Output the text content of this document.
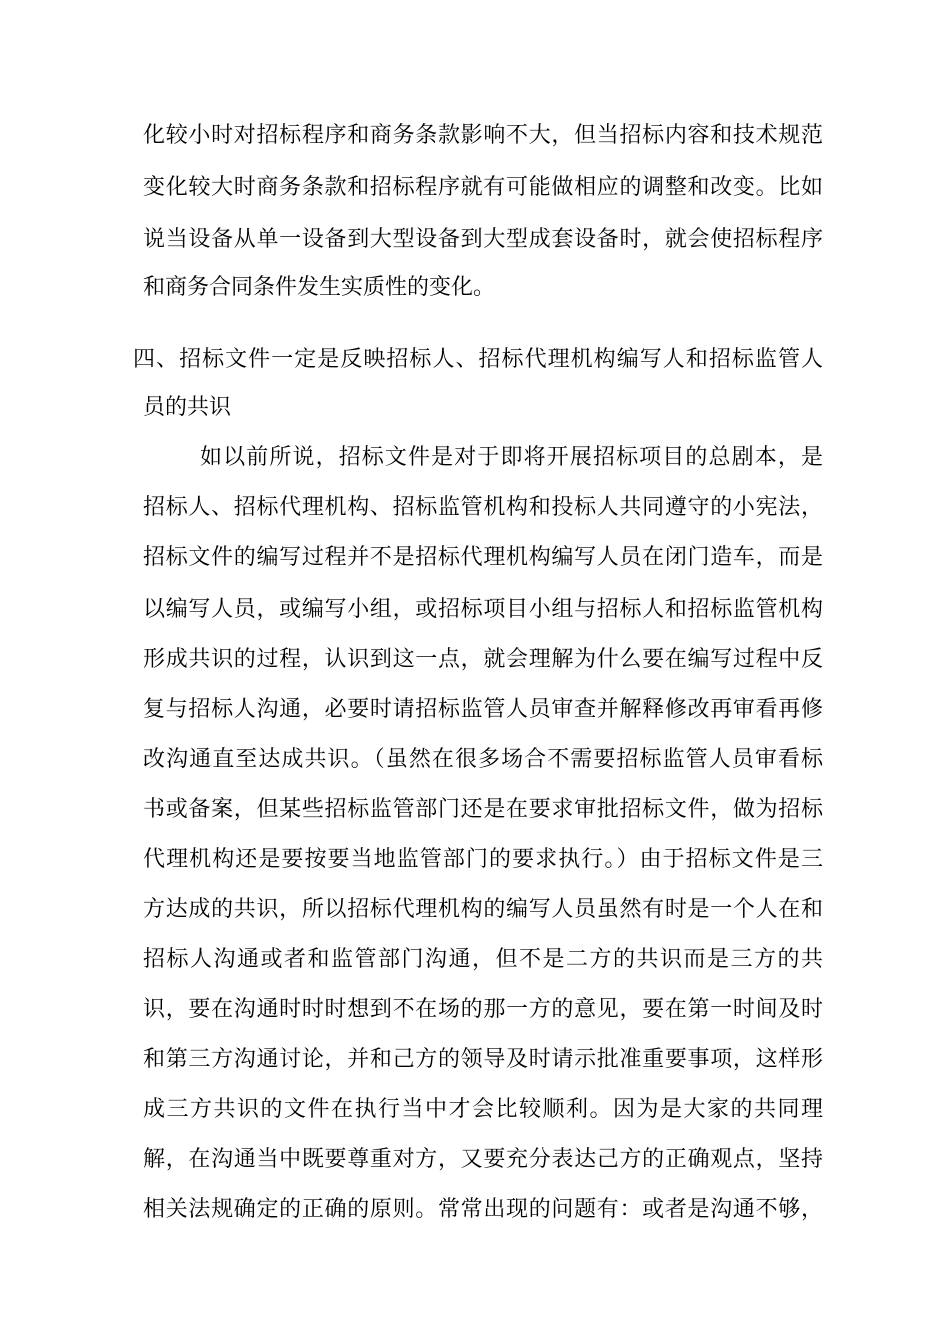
化较小时对招标程序和商务条款影响不大，但当招标内容和技术规范
变化较大时商务条款和招标程序就有可能做相应的调整和改变。比如
说当设备从单一设备到大型设备到大型成套设备时，就会使招标程序
和商务合同条件发生实质性的变化。
四、招标文件一定是反映招标人、招标代理机构编写人和招标监管人
员的共识
如以前所说，招标文件是对于即将开展招标项目的总剧本，是
招标人、招标代理机构、招标监管机构和投标人共同遵守的小宪法，
招标文件的编写过程并不是招标代理机构编写人员在闭门造车，而是
以编写人员，或编写小组，或招标项目小组与招标人和招标监管机构
形成共识的过程，认识到这一点，就会理解为什么要在编写过程中反
复与招标人沟通，必要时请招标监管人员审查并解释修改再审看再修
改沟通直至达成共识。（虽然在很多场合不需要招标监管人员审看标
书或备案，但某些招标监管部门还是在要求审批招标文件，做为招标
代理机构还是要按要当地监管部门的要求执行。）由于招标文件是三
方达成的共识，所以招标代理机构的编写人员虽然有时是一个人在和
招标人沟通或者和监管部门沟通，但不是二方的共识而是三方的共
识，要在沟通时时时想到不在场的那一方的意见，要在第一时间及时
和第三方沟通讨论，并和己方的领导及时请示批准重要事项，这样形
成三方共识的文件在执行当中才会比较顺利。因为是大家的共同理
解，在沟通当中既要尊重对方，又要充分表达己方的正确观点，坚持
相关法规确定的正确的原则。常常出现的问题有：或者是沟通不够，
